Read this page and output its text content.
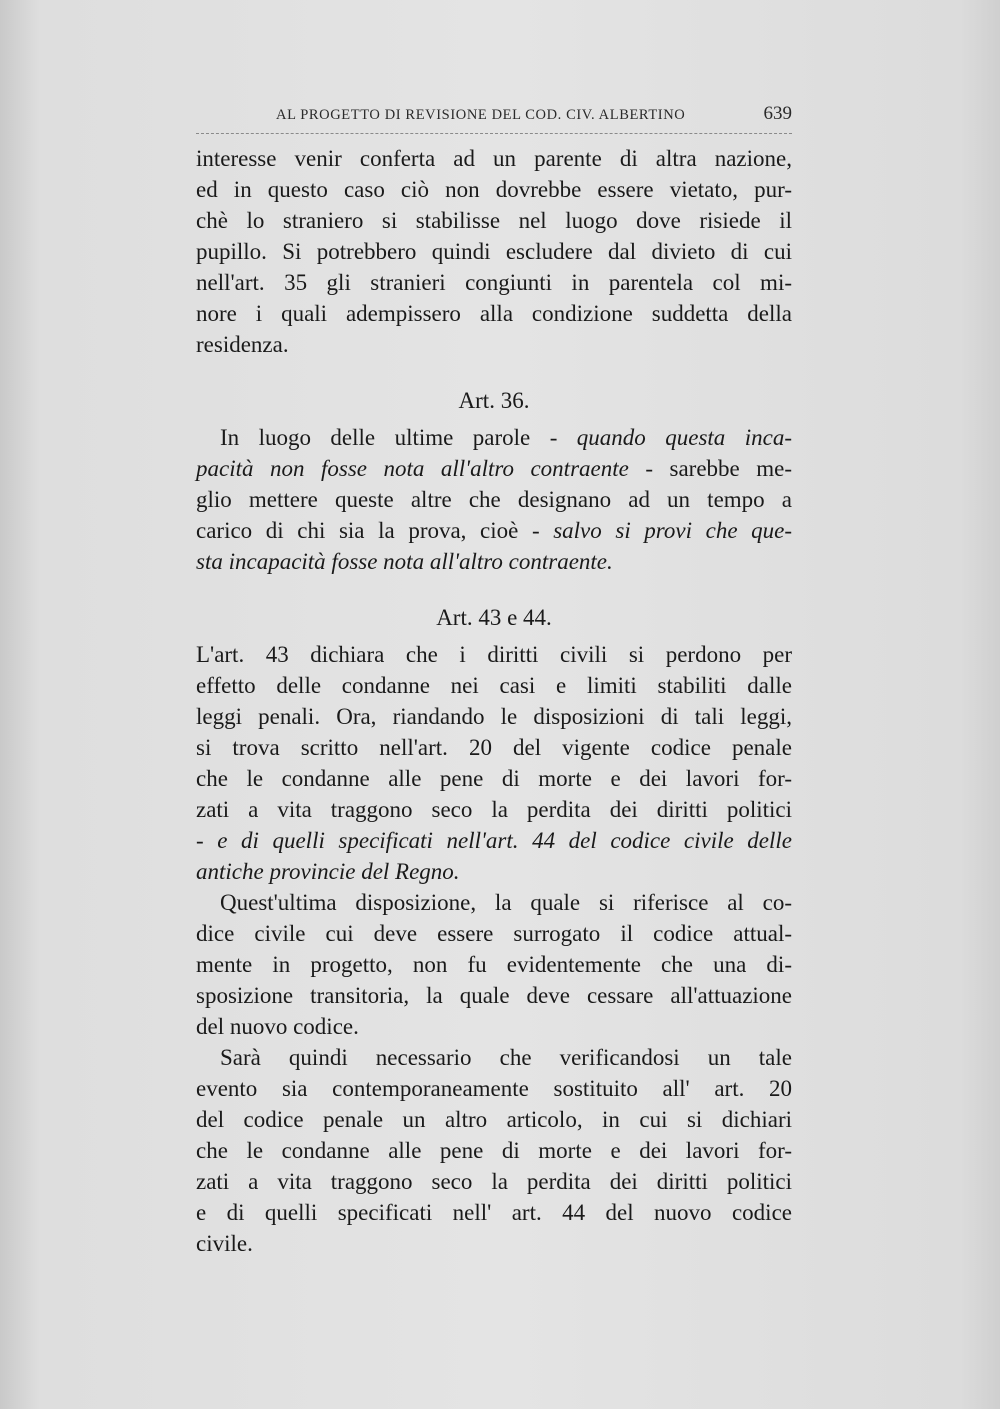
AL PROGETTO DI REVISIONE DEL COD. CIV. ALBERTINO	639
interesse venir conferta ad un parente di altra nazione,
ed in questo caso ciò non dovrebbe essere vietato, pur-
chè lo straniero si stabilisse nel luogo dove risiede il
pupillo. Si potrebbero quindi escludere dal divieto di cui
nell'art. 35 gli stranieri congiunti in parentela col mi-
nore i quali adempissero alla condizione suddetta della
residenza.
Art. 36.
In luogo delle ultime parole - quando questa inca-
pacità non fosse nota all'altro contraente - sarebbe me-
glio mettere queste altre che designano ad un tempo a
carico di chi sia la prova, cioè - salvo si provi che que-
sta incapacità fosse nota all'altro contraente.
Art. 43 e 44.
L'art. 43 dichiara che i diritti civili si perdono per
effetto delle condanne nei casi e limiti stabiliti dalle
leggi penali. Ora, riandando le disposizioni di tali leggi,
si trova scritto nell'art. 20 del vigente codice penale
che le condanne alle pene di morte e dei lavori for-
zati a vita traggono seco la perdita dei diritti politici
- e di quelli specificati nell'art. 44 del codice civile delle
antiche provincie del Regno.
Quest'ultima disposizione, la quale si riferisce al co-
dice civile cui deve essere surrogato il codice attual-
mente in progetto, non fu evidentemente che una di-
sposizione transitoria, la quale deve cessare all'attuazione
del nuovo codice.
Sarà quindi necessario che verificandosi un tale
evento sia contemporaneamente sostituito all' art. 20
del codice penale un altro articolo, in cui si dichiari
che le condanne alle pene di morte e dei lavori for-
zati a vita traggono seco la perdita dei diritti politici
e di quelli specificati nell' art. 44 del nuovo codice
civile.
